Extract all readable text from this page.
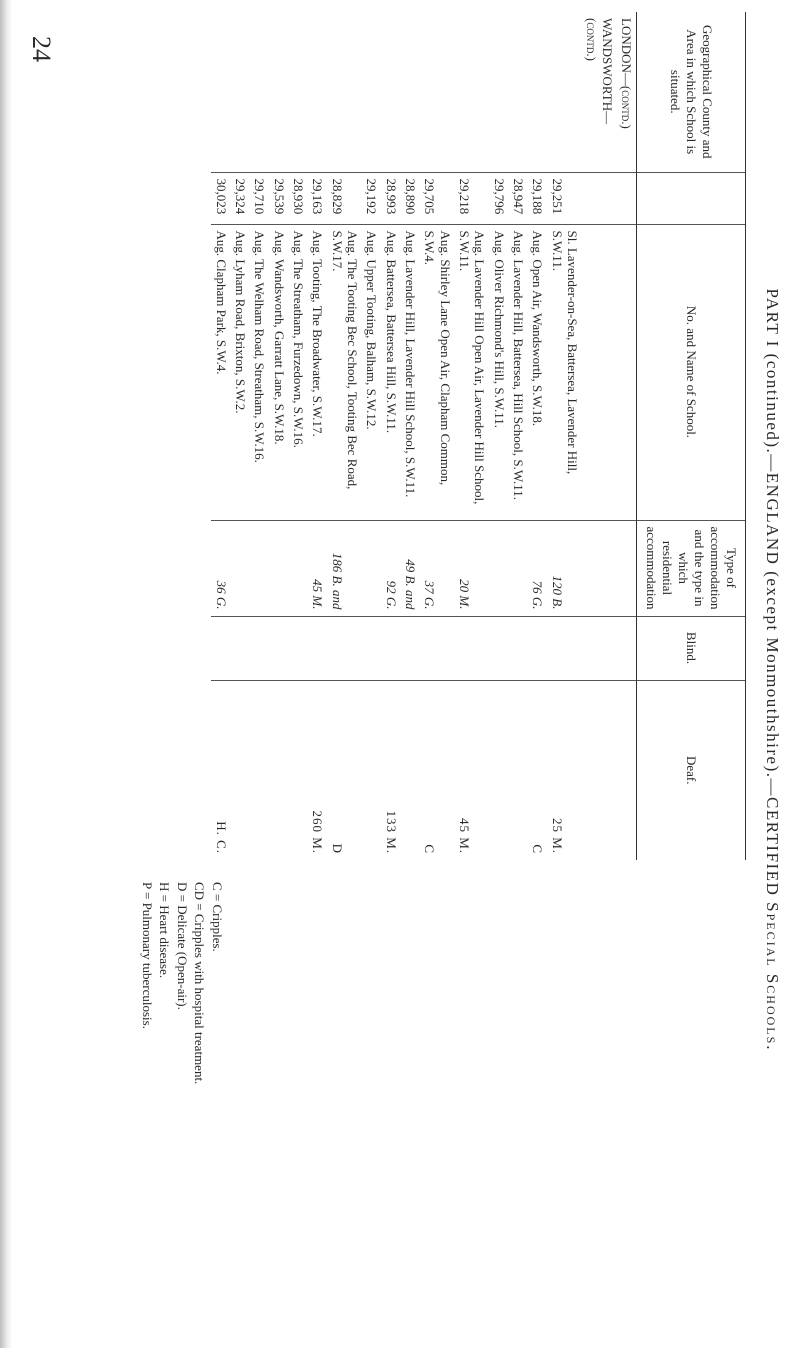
24
PART I (continued).—ENGLAND (except Monmouthshire).—CERTIFIED Special Schools.
Geographical County and Area in which School is situated.		No. and Name of School.	Type of accommodation and the type in which residential accommodation	Blind.	Deaf.
LONDON—(contd.)					
WANDSWORTH—(contd.)					
	29,251	Sl. Lavender-on-Sea, Battersea, Lavender Hill, S.W.11.	120 B.		25 M.
	29,188	Aug. Open Air, Wandsworth, S.W.18.	76 G.		C
	28,947	Aug. Lavender Hill, Battersea, Hill School, S.W.11.			
	29,796	Aug. Oliver Richmond's Hill, S.W.11.			
	29,218	Aug. Lavender Hill Open Air, Lavender Hill School, S.W.11.	20 M.		45 M.
	29,705	Aug. Shirley Lane Open Air, Clapham Common, S.W.4.	37 G.		C
	28,890	Aug. Lavender Hill, Lavender Hill School, S.W.11.	49 B. and		
	28,993	Aug. Battersea, Battersea Hill, S.W.11.	92 G.		133 M.
	29,192	Aug. Upper Tooting, Balham, S.W.12.			
	28,829	Aug. The Tooting Bec School, Tooting Bec Road, S.W.17.	186 B. and		D
	29,163	Aug. Tooting, The Broadwater, S.W.17.	45 M.		260 M.
	28,930	Aug. The Streatham, Furzedown, S.W.16.			
	29,539	Aug. Wandsworth, Garratt Lane, S.W.18.			
	29,710	Aug. The Welham Road, Streatham, S.W.16.			
	29,324	Aug. Lyham Road, Brixton, S.W.2.			
	30,023	Aug. Clapham Park, S.W.4.	36 G.		H. C.
C = Cripples.
CD = Cripples with hospital treatment.
D = Delicate (Open-air).
H = Heart disease.
P = Pulmonary tuberculosis.
